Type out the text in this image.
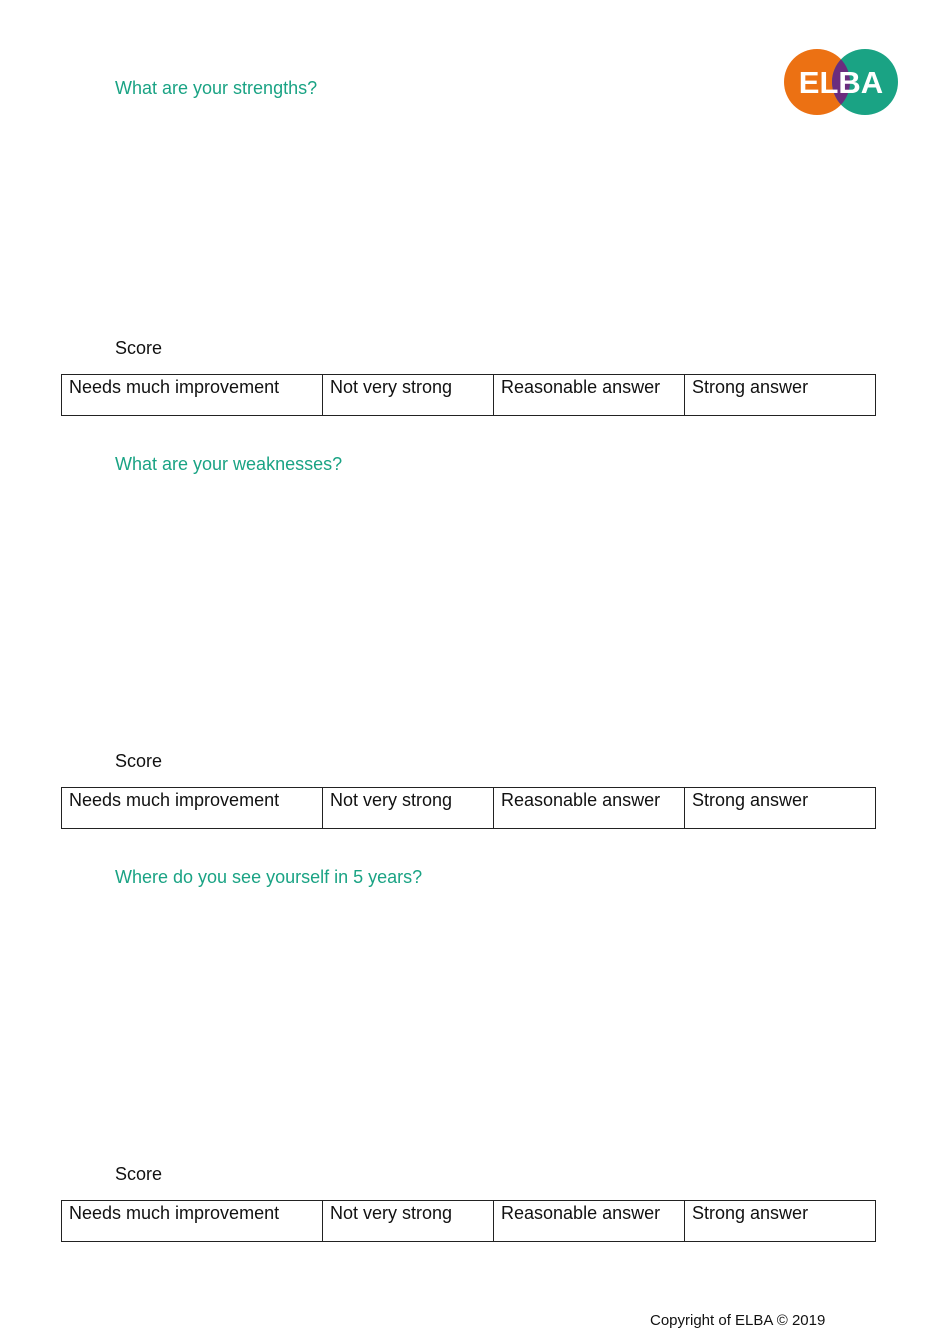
ELBA
What are your strengths?
Score
Needs much improvement	Not very strong	Reasonable answer	Strong answer
What are your weaknesses?
Score
Needs much improvement	Not very strong	Reasonable answer	Strong answer
Where do you see yourself in 5 years?
Score
Needs much improvement	Not very strong	Reasonable answer	Strong answer
Copyright of ELBA © 2019
